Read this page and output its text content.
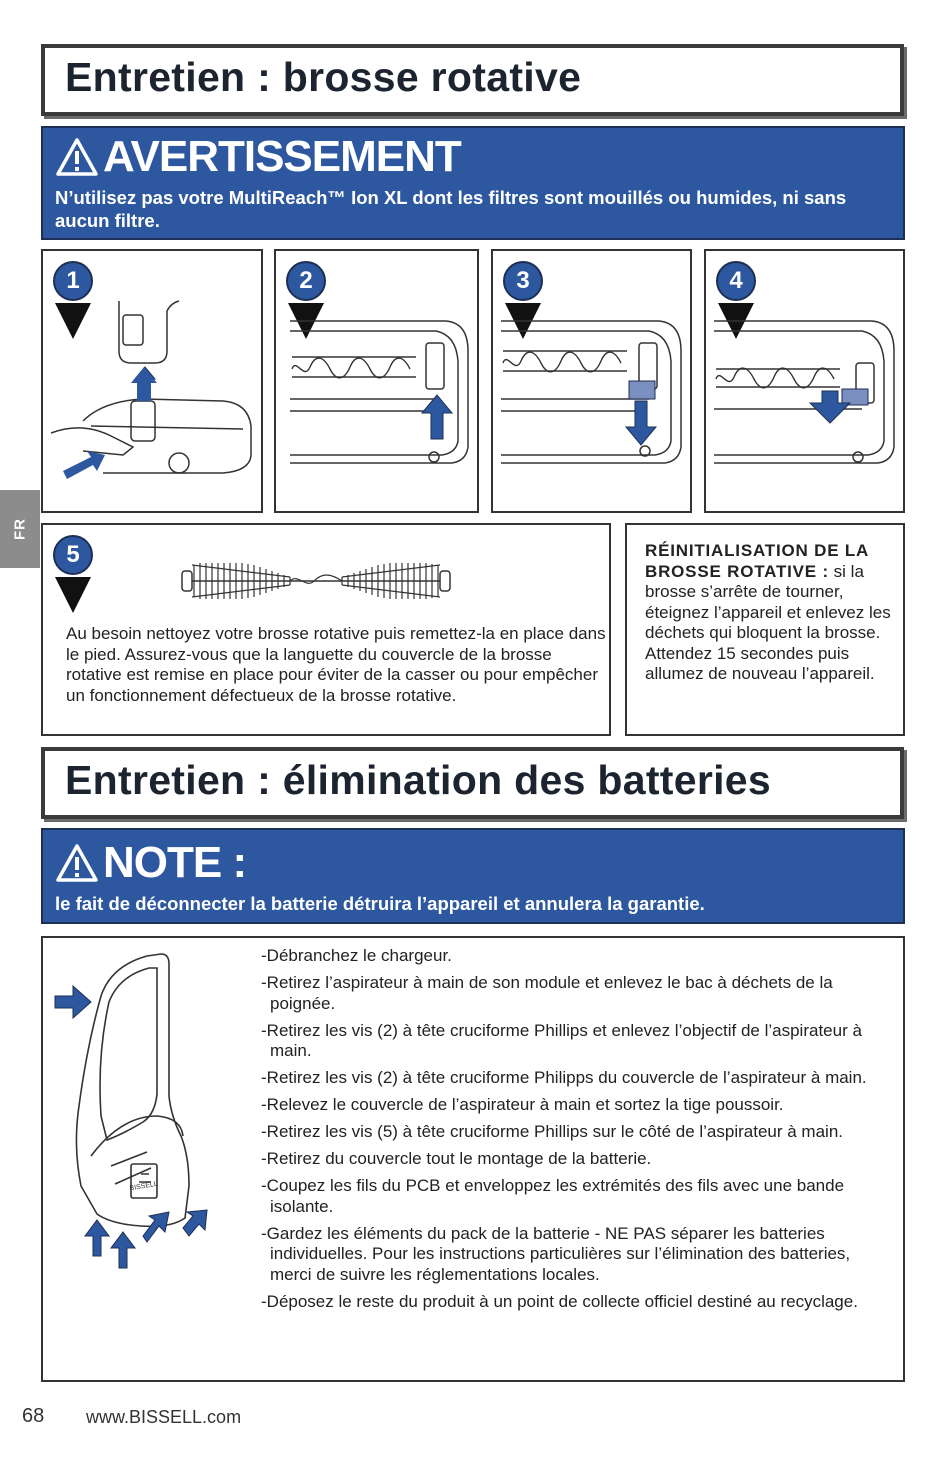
Entretien : brosse rotative
AVERTISSEMENT
N’utilisez pas votre MultiReach™ Ion XL dont les filtres sont mouillés ou humides, ni sans aucun filtre.
FR
1	2	3	4
5
Au besoin nettoyez votre brosse rotative puis remettez-la en place dans le pied. Assurez-vous que la languette du couvercle de la brosse rotative est remise en place pour éviter de la casser ou pour empêcher un fonctionnement défectueux de la brosse rotative.
RÉINITIALISATION DE LA BROSSE ROTATIVE : si la brosse s’arrête de tourner, éteignez l’appareil et enlevez les déchets qui bloquent la brosse. Attendez 15 secondes puis allumez de nouveau l’appareil.
Entretien : élimination des batteries
NOTE :
le fait de déconnecter la batterie détruira l’appareil et annulera la garantie.
BISSELL
-Débranchez le chargeur.
-Retirez l’aspirateur à main de son module et enlevez le bac à déchets de la poignée.
-Retirez les vis (2) à tête cruciforme Phillips et enlevez l’objectif de l’aspirateur à main.
-Retirez les vis (2) à tête cruciforme Philipps du couvercle de l’aspirateur à main.
-Relevez le couvercle de l’aspirateur à main et sortez la tige poussoir.
-Retirez les vis (5) à tête cruciforme Phillips sur le côté de l’aspirateur à main.
-Retirez du couvercle tout le montage de la batterie.
-Coupez les fils du PCB et enveloppez les extrémités des fils avec une bande isolante.
-Gardez les éléments du pack de la batterie - NE PAS séparer les batteries individuelles. Pour les instructions particulières sur l’élimination des batteries, merci de suivre les réglementations locales.
-Déposez le reste du produit à un point de collecte officiel destiné au recyclage.
68 www.BISSELL.com
